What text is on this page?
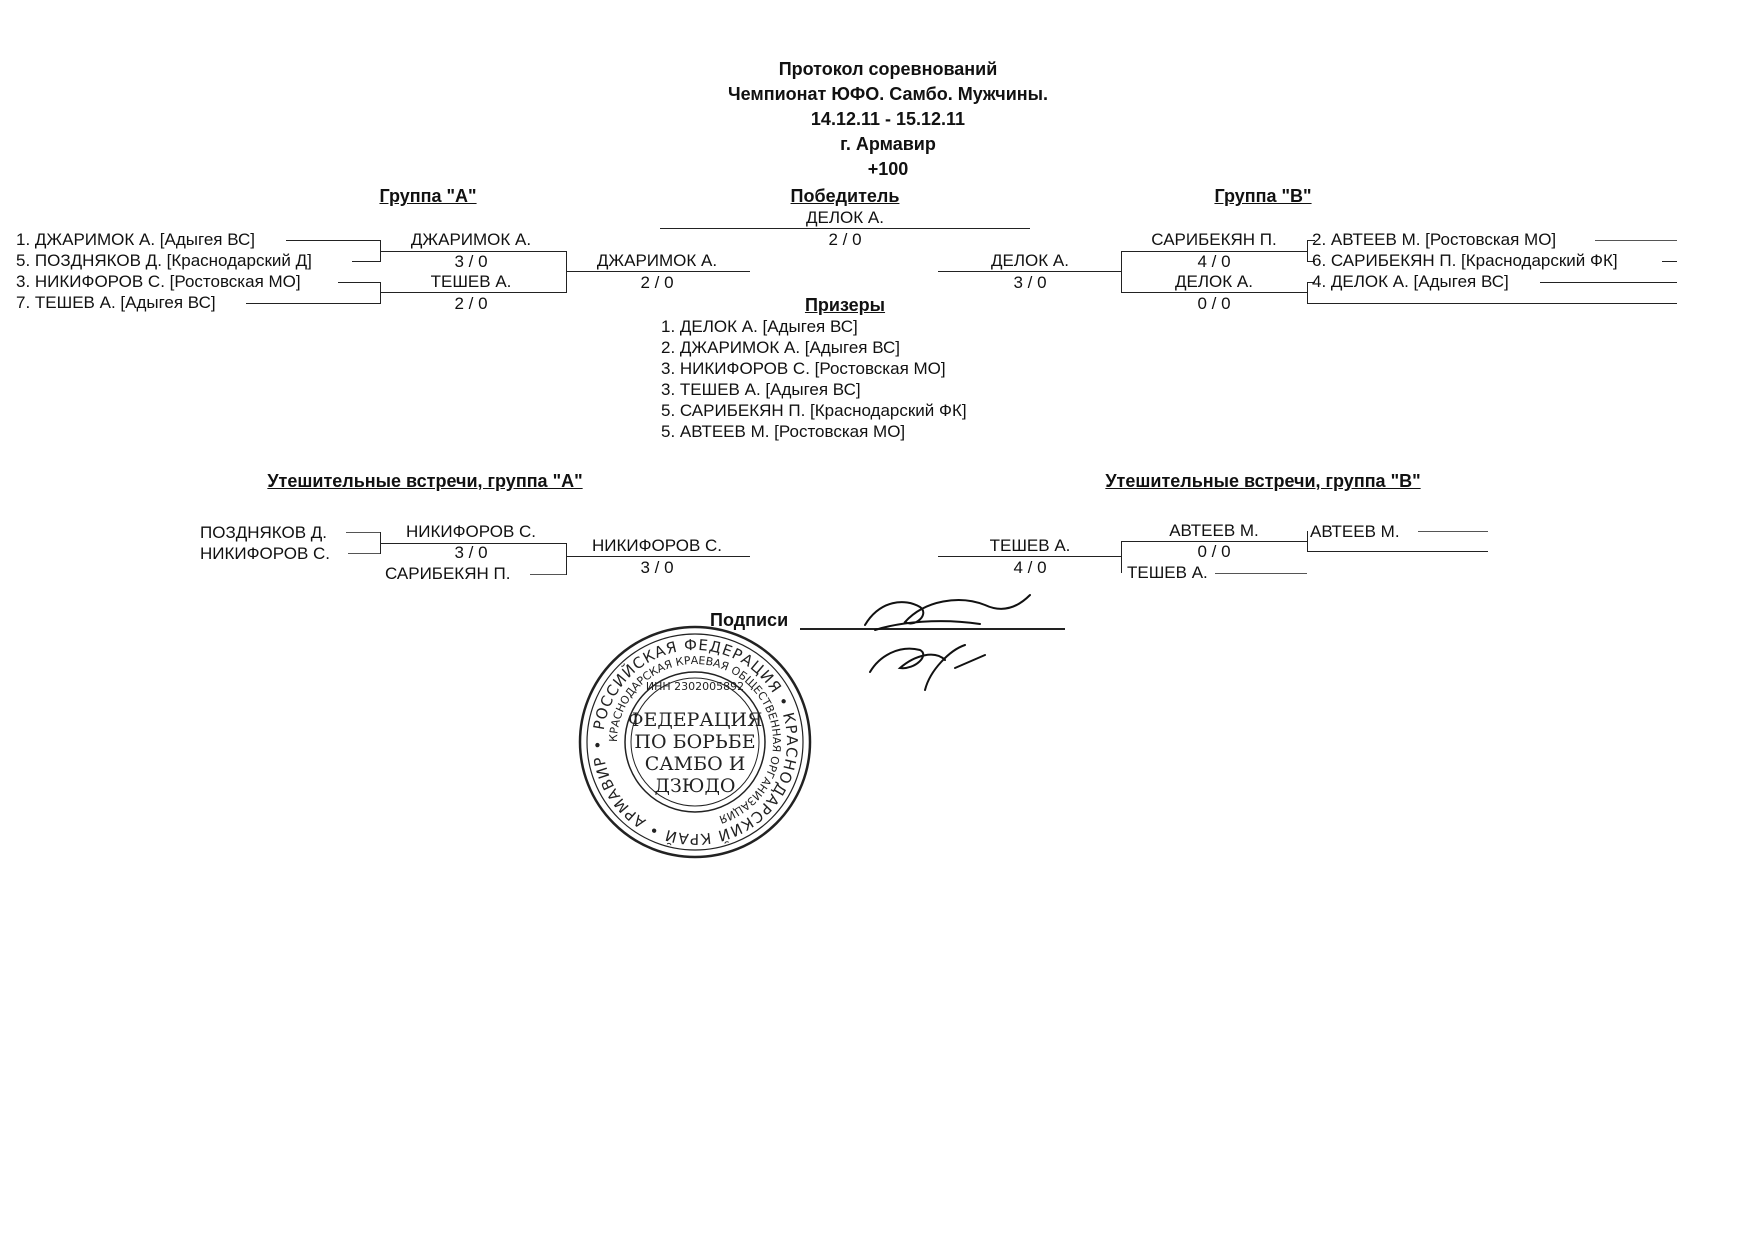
Протокол соревнований
Чемпионат ЮФО. Самбо. Мужчины.
14.12.11 - 15.12.11
г. Армавир
+100
Группа "А"	Победитель	Группа "В"
ДЕЛОК А.
2 / 0
1. ДЖАРИМОК А. [Адыгея ВС]
5. ПОЗДНЯКОВ Д. [Краснодарский Д]
3. НИКИФОРОВ С. [Ростовская МО]
7. ТЕШЕВ А. [Адыгея ВС]
ДЖАРИМОК А.
3 / 0
ТЕШЕВ А.
2 / 0
ДЖАРИМОК А.
2 / 0
ДЕЛОК А.
3 / 0
САРИБЕКЯН П.
4 / 0
ДЕЛОК А.
0 / 0
2. АВТЕЕВ М. [Ростовская МО]
6. САРИБЕКЯН П. [Краснодарский ФК]
4. ДЕЛОК А. [Адыгея ВС]
Призеры
1. ДЕЛОК А. [Адыгея ВС]
2. ДЖАРИМОК А. [Адыгея ВС]
3. НИКИФОРОВ С. [Ростовская МО]
3. ТЕШЕВ А. [Адыгея ВС]
5. САРИБЕКЯН П. [Краснодарский ФК]
5. АВТЕЕВ М. [Ростовская МО]
Утешительные встречи, группа "А"
ПОЗДНЯКОВ Д.
НИКИФОРОВ С.
НИКИФОРОВ С.
3 / 0
САРИБЕКЯН П.
НИКИФОРОВ С.
3 / 0
Утешительные встречи, группа "В"
АВТЕЕВ М.
АВТЕЕВ М.
0 / 0
ТЕШЕВ А.
ТЕШЕВ А.
4 / 0
Подписи
РОССИЙСКАЯ ФЕДЕРАЦИЯ • КРАСНОДАРСКИЙ КРАЙ • АРМАВИР •
КРАСНОДАРСКАЯ КРАЕВАЯ ОБЩЕСТВЕННАЯ ОРГАНИЗАЦИЯ
ИНН 2302005892
ФЕДЕРАЦИЯ
ПО БОРЬБЕ
САМБО И
ДЗЮДО
